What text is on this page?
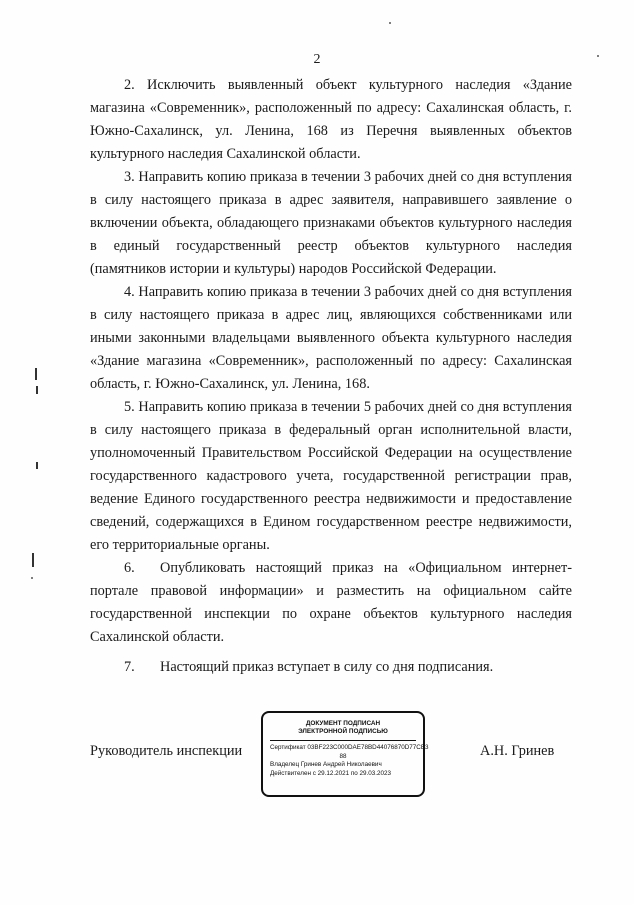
2

2. Исключить выявленный объект культурного наследия «Здание магазина «Современник», расположенный по адресу: Сахалинская область, г. Южно-Сахалинск, ул. Ленина, 168 из Перечня выявленных объектов культурного наследия Сахалинской области.

3. Направить копию приказа в течении 3 рабочих дней со дня вступления в силу настоящего приказа в адрес заявителя, направившего заявление о включении объекта, обладающего признаками объектов культурного наследия в единый государственный реестр объектов культурного наследия (памятников истории и культуры) народов Российской Федерации.

4. Направить копию приказа в течении 3 рабочих дней со дня вступления в силу настоящего приказа в адрес лиц, являющихся собственниками или иными законными владельцами выявленного объекта культурного наследия «Здание магазина «Современник», расположенный по адресу: Сахалинская область, г. Южно-Сахалинск, ул. Ленина, 168.

5. Направить копию приказа в течении 5 рабочих дней со дня вступления в силу настоящего приказа в федеральный орган исполнительной власти, уполномоченный Правительством Российской Федерации на осуществление государственного кадастрового учета, государственной регистрации прав, ведение Единого государственного реестра недвижимости и предоставление сведений, содержащихся в Едином государственном реестре недвижимости, его территориальные органы.

6. Опубликовать настоящий приказ на «Официальном интернет-портале правовой информации» и разместить на официальном сайте государственной инспекции по охране объектов культурного наследия Сахалинской области.

7. Настоящий приказ вступает в силу со дня подписания.

Руководитель инспекции	А.Н. Гринев
ДОКУМЕНТ ПОДПИСАН
ЭЛЕКТРОННОЙ ПОДПИСЬЮ
Сертификат 03BF223C000DAE78BD44076870D77CB3
88
Владелец Гринев Андрей Николаевич
Действителен с 29.12.2021 по 29.03.2023
